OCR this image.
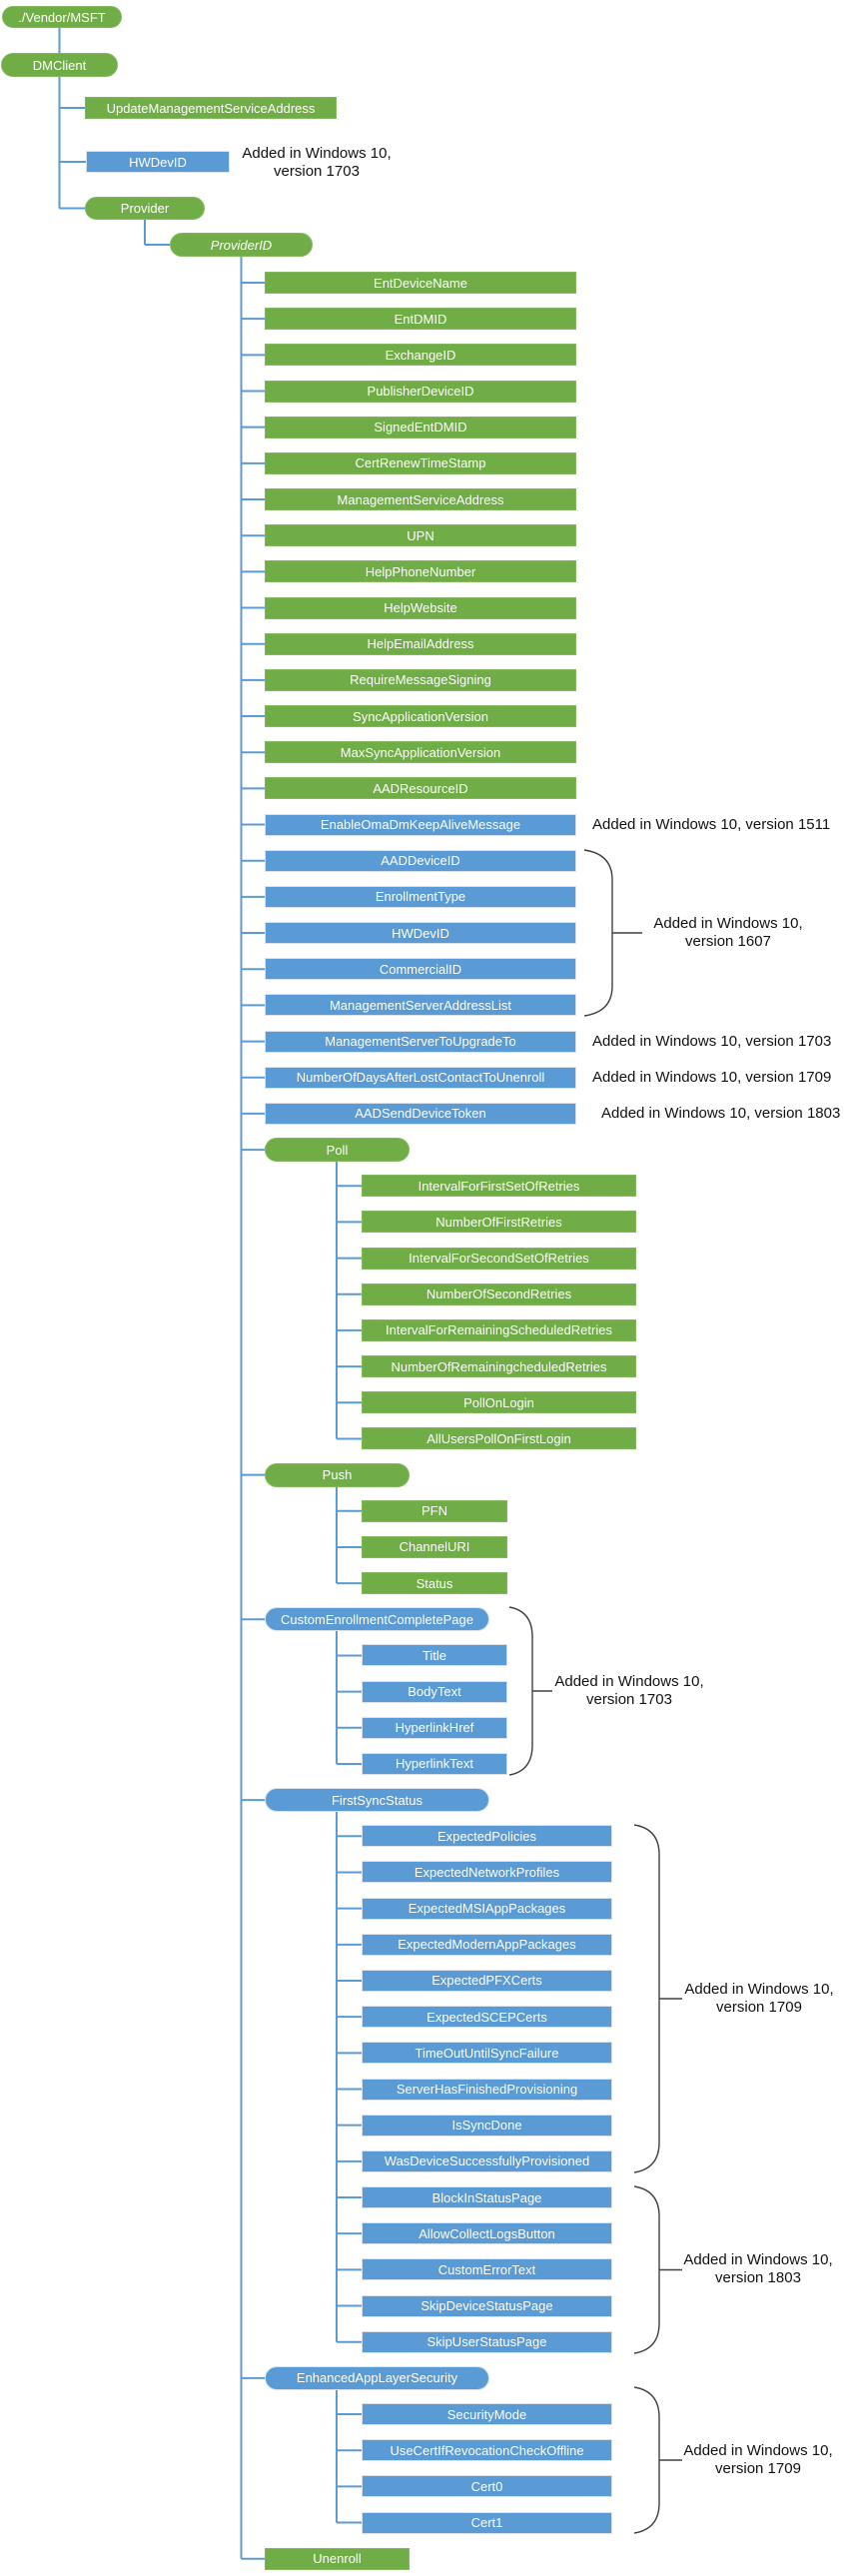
./Vendor/MSFT
DMClient
UpdateManagementServiceAddress
HWDevID
Provider
ProviderID
EntDeviceName
EntDMID
ExchangeID
PublisherDeviceID
SignedEntDMID
CertRenewTimeStamp
ManagementServiceAddress
UPN
HelpPhoneNumber
HelpWebsite
HelpEmailAddress
RequireMessageSigning
SyncApplicationVersion
MaxSyncApplicationVersion
AADResourceID
EnableOmaDmKeepAliveMessage
AADDeviceID
EnrollmentType
HWDevID
CommercialID
ManagementServerAddressList
ManagementServerToUpgradeTo
NumberOfDaysAfterLostContactToUnenroll
AADSendDeviceToken
Poll
IntervalForFirstSetOfRetries
NumberOfFirstRetries
IntervalForSecondSetOfRetries
NumberOfSecondRetries
IntervalForRemainingScheduledRetries
NumberOfRemainingcheduledRetries
PollOnLogin
AllUsersPollOnFirstLogin
Push
PFN
ChannelURI
Status
CustomEnrollmentCompletePage
Title
BodyText
HyperlinkHref
HyperlinkText
FirstSyncStatus
ExpectedPolicies
ExpectedNetworkProfiles
ExpectedMSIAppPackages
ExpectedModernAppPackages
ExpectedPFXCerts
ExpectedSCEPCerts
TimeOutUntilSyncFailure
ServerHasFinishedProvisioning
IsSyncDone
WasDeviceSuccessfullyProvisioned
BlockInStatusPage
AllowCollectLogsButton
CustomErrorText
SkipDeviceStatusPage
SkipUserStatusPage
EnhancedAppLayerSecurity
SecurityMode
UseCertIfRevocationCheckOffline
Cert0
Cert1
Unenroll
Added in Windows 10,
version 1703
Added in Windows 10, version 1511
Added in Windows 10,
version 1607
Added in Windows 10, version 1703
Added in Windows 10, version 1709
Added in Windows 10, version 1803
Added in Windows 10,
version 1703
Added in Windows 10,
version 1709
Added in Windows 10,
version 1803
Added in Windows 10,
version 1709
